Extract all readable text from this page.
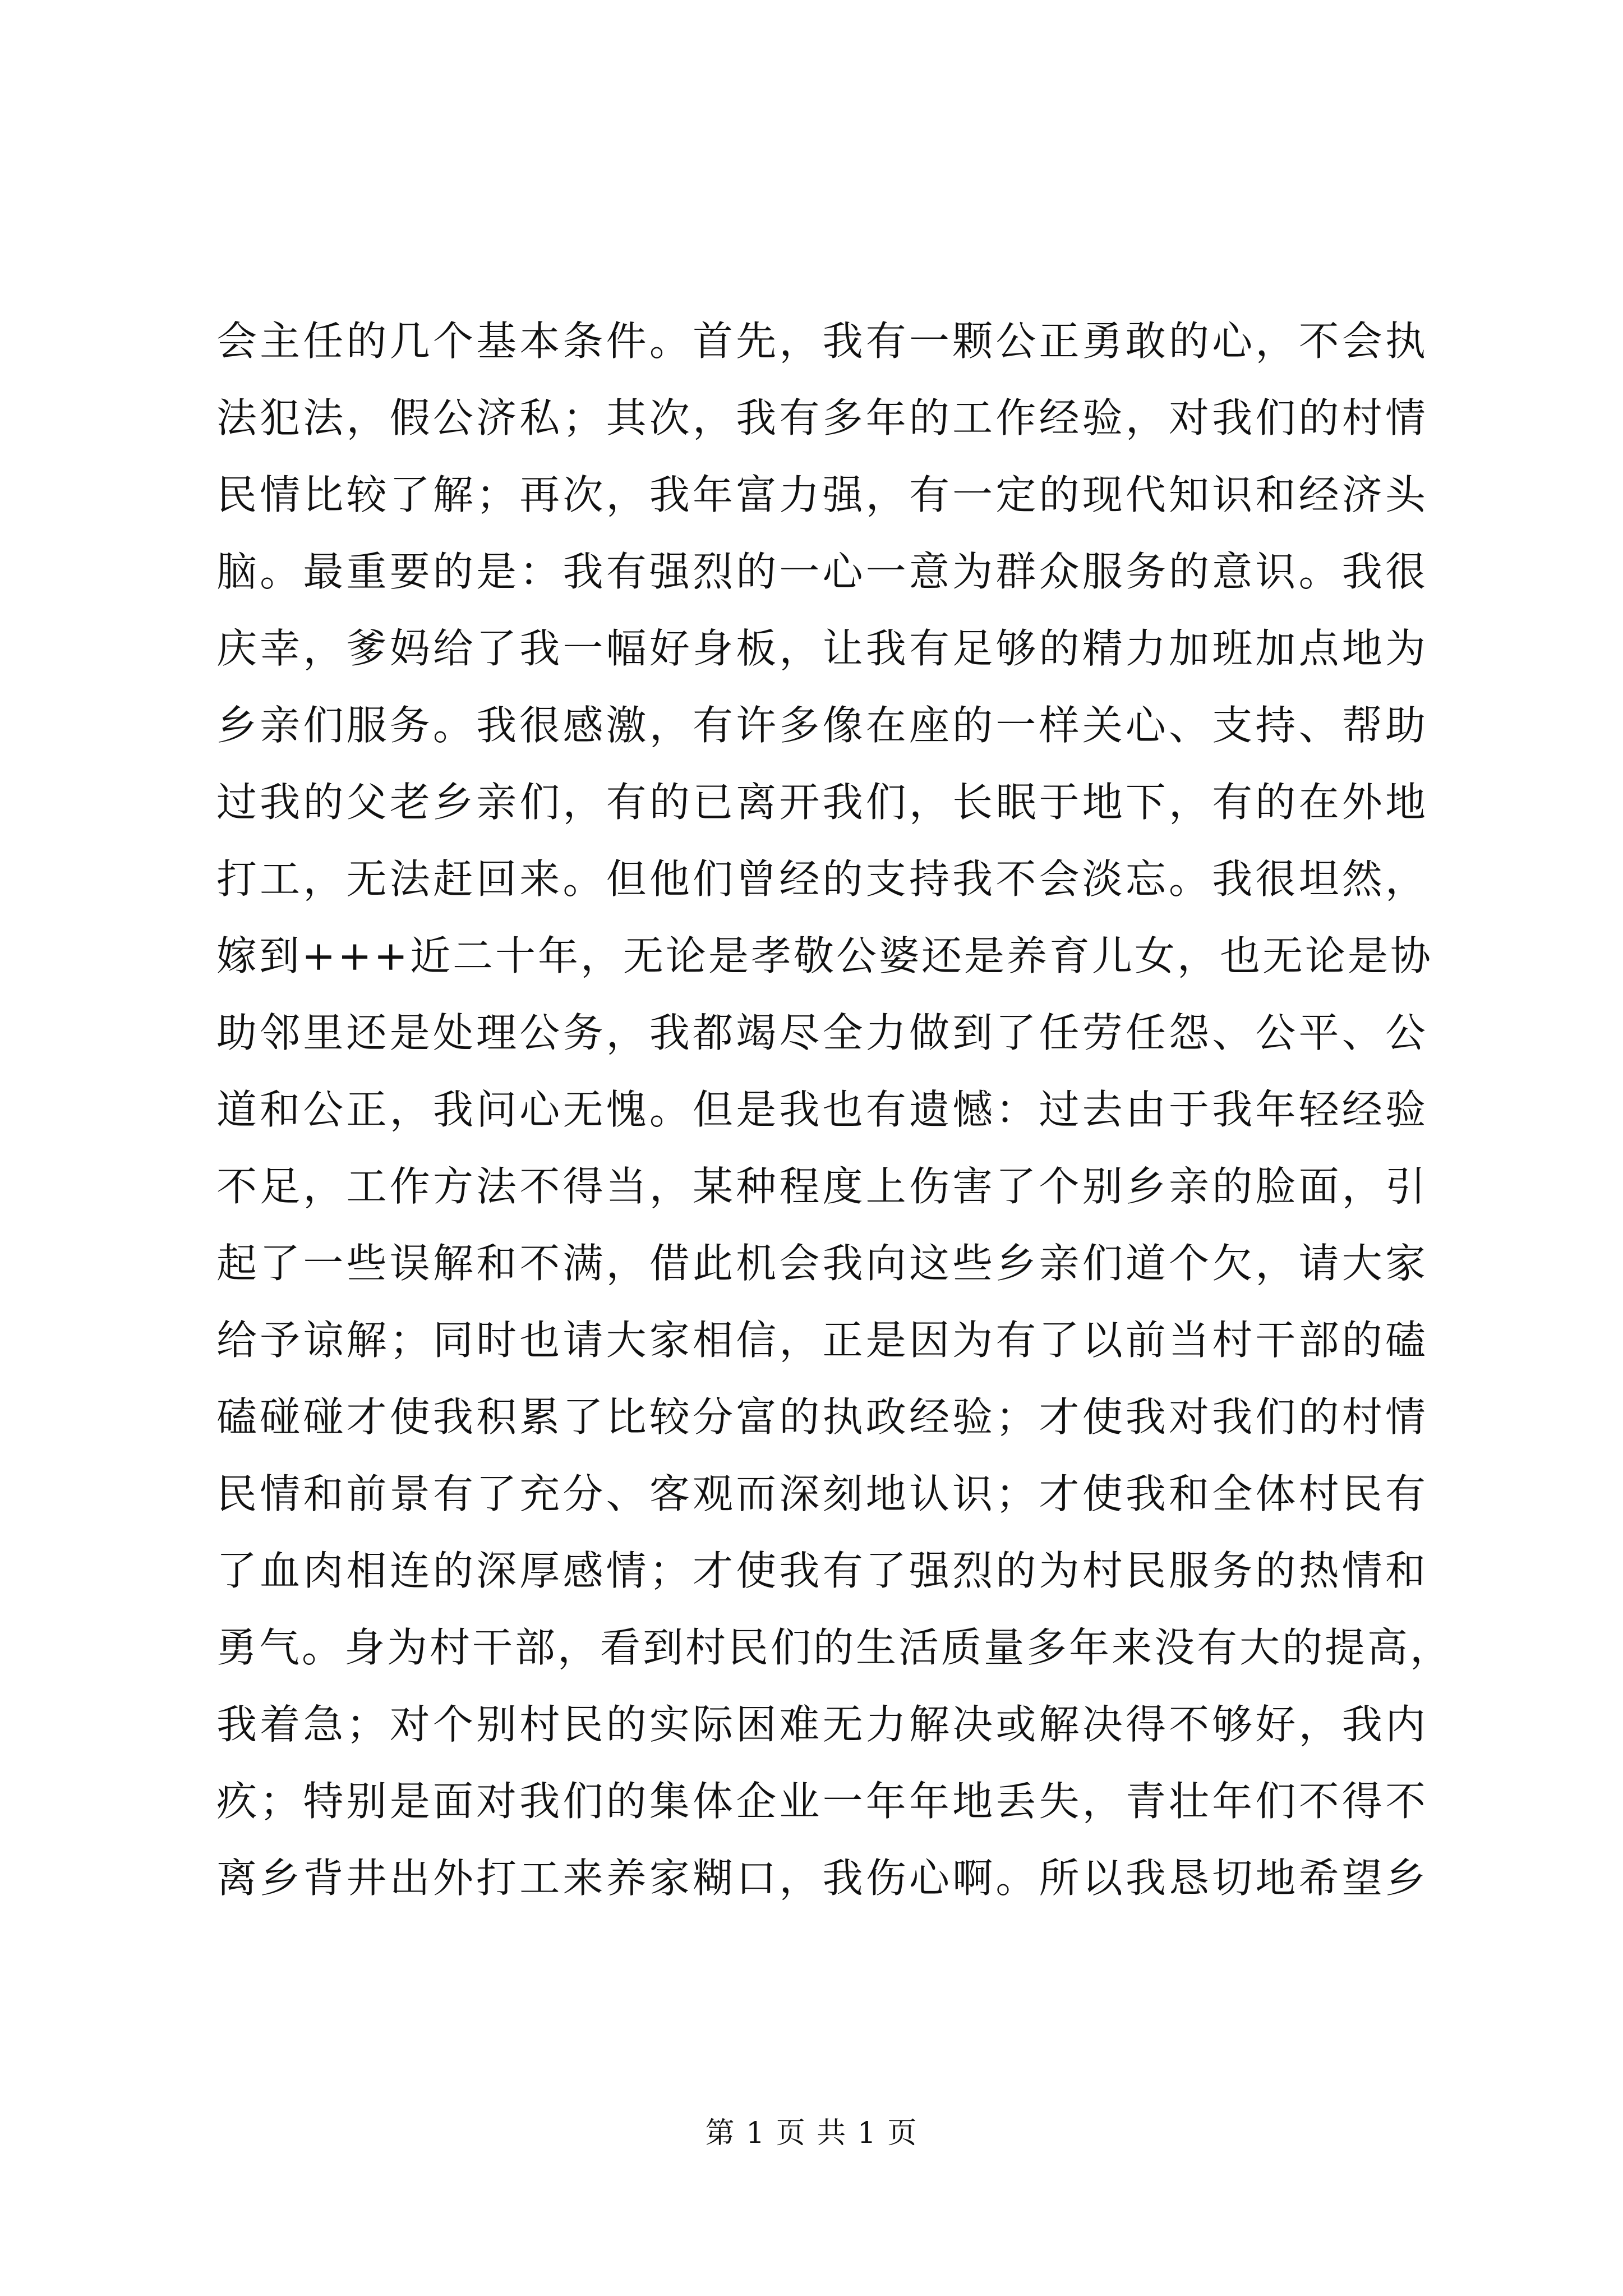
会主任的几个基本条件。首先，我有一颗公正勇敢的心，不会执
法犯法，假公济私；其次，我有多年的工作经验，对我们的村情
民情比较了解；再次，我年富力强，有一定的现代知识和经济头
脑。最重要的是：我有强烈的一心一意为群众服务的意识。我很
庆幸，爹妈给了我一幅好身板，让我有足够的精力加班加点地为
乡亲们服务。我很感激，有许多像在座的一样关心、支持、帮助
过我的父老乡亲们，有的已离开我们，长眠于地下，有的在外地
打工，无法赶回来。但他们曾经的支持我不会淡忘。我很坦然，
嫁到+++近二十年，无论是孝敬公婆还是养育儿女，也无论是协
助邻里还是处理公务，我都竭尽全力做到了任劳任怨、公平、公
道和公正，我问心无愧。但是我也有遗憾：过去由于我年轻经验
不足，工作方法不得当，某种程度上伤害了个别乡亲的脸面，引
起了一些误解和不满，借此机会我向这些乡亲们道个欠，请大家
给予谅解；同时也请大家相信，正是因为有了以前当村干部的磕
磕碰碰才使我积累了比较分富的执政经验；才使我对我们的村情
民情和前景有了充分、客观而深刻地认识；才使我和全体村民有
了血肉相连的深厚感情；才使我有了强烈的为村民服务的热情和
勇气。身为村干部，看到村民们的生活质量多年来没有大的提高，
我着急；对个别村民的实际困难无力解决或解决得不够好，我内
疚；特别是面对我们的集体企业一年年地丢失，青壮年们不得不
离乡背井出外打工来养家糊口，我伤心啊。所以我恳切地希望乡
第 1 页 共 1 页
